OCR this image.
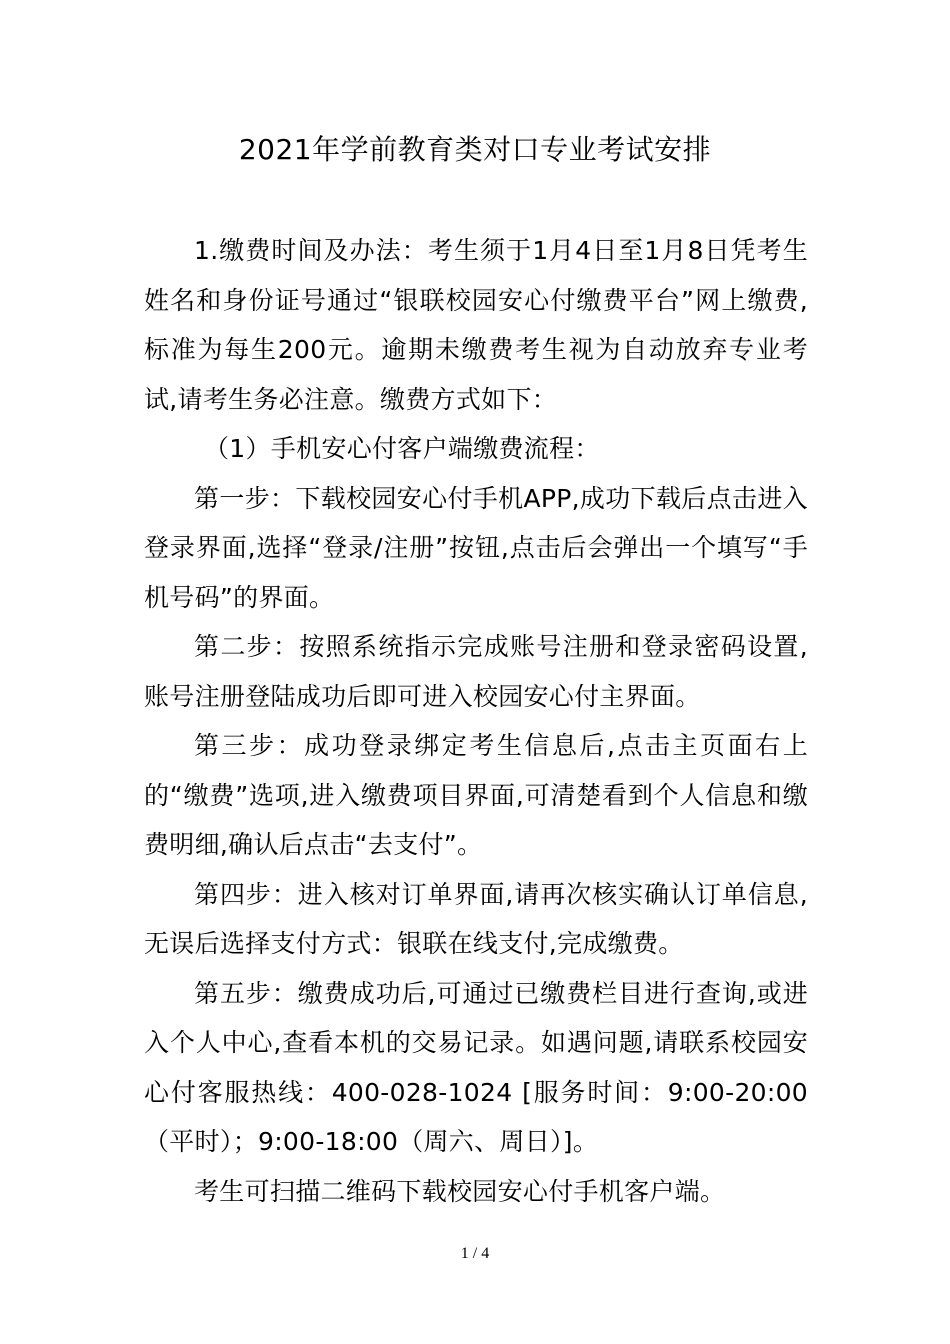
2021年学前教育类对口专业考试安排

1.缴费时间及办法：考生须于1月4日至1月8日凭考生姓名和身份证号通过“银联校园安心付缴费平台”网上缴费,标准为每生200元。逾期未缴费考生视为自动放弃专业考试,请考生务必注意。缴费方式如下：

（1）手机安心付客户端缴费流程：

第一步：下载校园安心付手机APP,成功下载后点击进入登录界面,选择“登录/注册”按钮,点击后会弹出一个填写“手机号码”的界面。

第二步：按照系统指示完成账号注册和登录密码设置,账号注册登陆成功后即可进入校园安心付主界面。

第三步：成功登录绑定考生信息后,点击主页面右上的“缴费”选项,进入缴费项目界面,可清楚看到个人信息和缴费明细,确认后点击“去支付”。

第四步：进入核对订单界面,请再次核实确认订单信息,无误后选择支付方式：银联在线支付,完成缴费。

第五步：缴费成功后,可通过已缴费栏目进行查询,或进入个人中心,查看本机的交易记录。如遇问题,请联系校园安心付客服热线：400-028-1024 [服务时间：9:00-20:00（平时）；9:00-18:00（周六、周日）]。

考生可扫描二维码下载校园安心付手机客户端。

1 / 4
